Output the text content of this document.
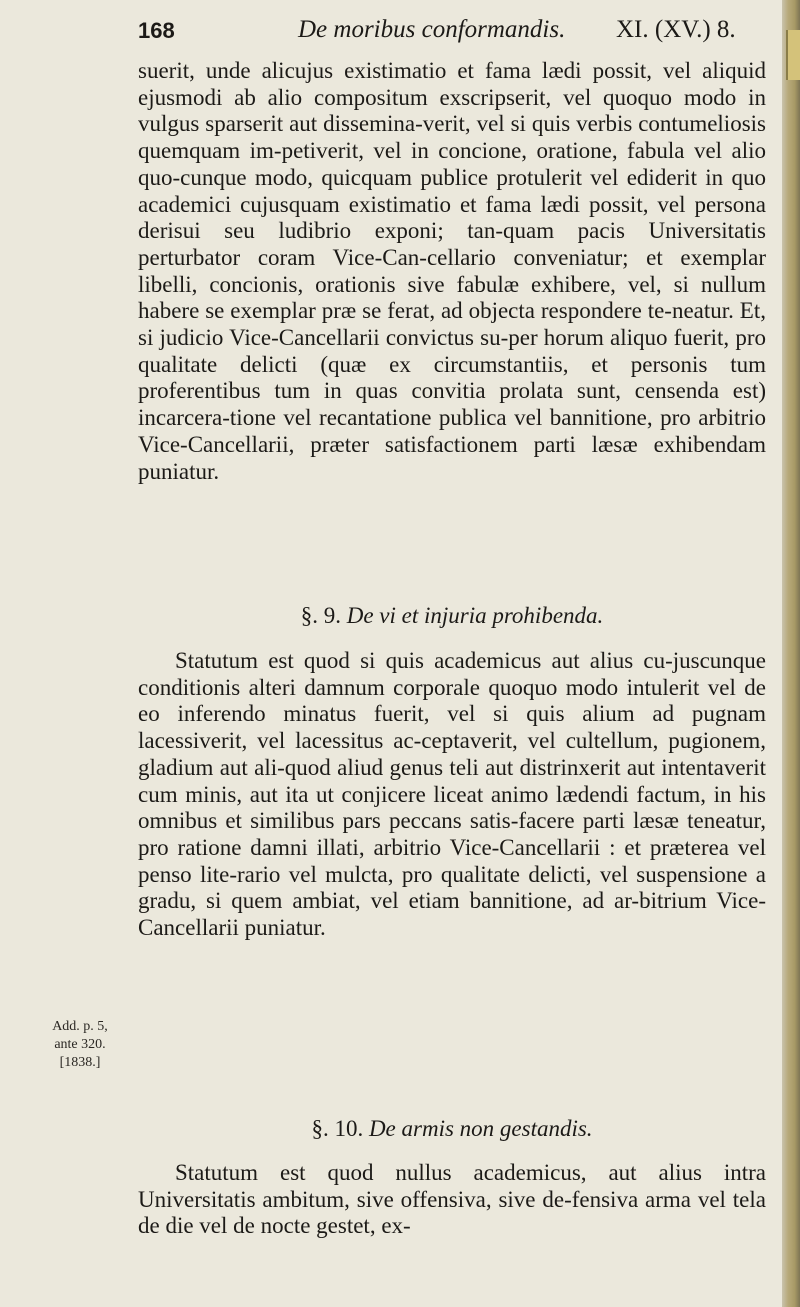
168	De moribus conformandis. XI. (XV.) 8.

suerit, unde alicujus existimatio et fama lædi possit, vel aliquid ejusmodi ab alio compositum exscripserit, vel quoquo modo in vulgus sparserit aut dissemina-verit, vel si quis verbis contumeliosis quemquam im-petiverit, vel in concione, oratione, fabula vel alio quo-cunque modo, quicquam publice protulerit vel ediderit in quo academici cujusquam existimatio et fama lædi possit, vel persona derisui seu ludibrio exponi; tan-quam pacis Universitatis perturbator coram Vice-Can-cellario conveniatur; et exemplar libelli, concionis, orationis sive fabulæ exhibere, vel, si nullum habere se exemplar præ se ferat, ad objecta respondere te-neatur. Et, si judicio Vice-Cancellarii convictus su-per horum aliquo fuerit, pro qualitate delicti (quæ ex circumstantiis, et personis tum proferentibus tum in quas convitia prolata sunt, censenda est) incarcera-tione vel recantatione publica vel bannitione, pro arbitrio Vice-Cancellarii, præter satisfactionem parti læsæ exhibendam puniatur.

§. 9. De vi et injuria prohibenda.

Statutum est quod si quis academicus aut alius cu-juscunque conditionis alteri damnum corporale quoquo modo intulerit vel de eo inferendo minatus fuerit, vel si quis alium ad pugnam lacessiverit, vel lacessitus ac-ceptaverit, vel cultellum, pugionem, gladium aut ali-quod aliud genus teli aut distrinxerit aut intentaverit cum minis, aut ita ut conjicere liceat animo lædendi factum, in his omnibus et similibus pars peccans satis-facere parti læsæ teneatur, pro ratione damni illati, arbitrio Vice-Cancellarii : et præterea vel penso lite-rario vel mulcta, pro qualitate delicti, vel suspensione a gradu, si quem ambiat, vel etiam bannitione, ad ar-bitrium Vice-Cancellarii puniatur.

Add. p. 5,
ante 320.
[1838.]
§. 10. De armis non gestandis.

Statutum est quod nullus academicus, aut alius intra Universitatis ambitum, sive offensiva, sive de-fensiva arma vel tela de die vel de nocte gestet, ex-
